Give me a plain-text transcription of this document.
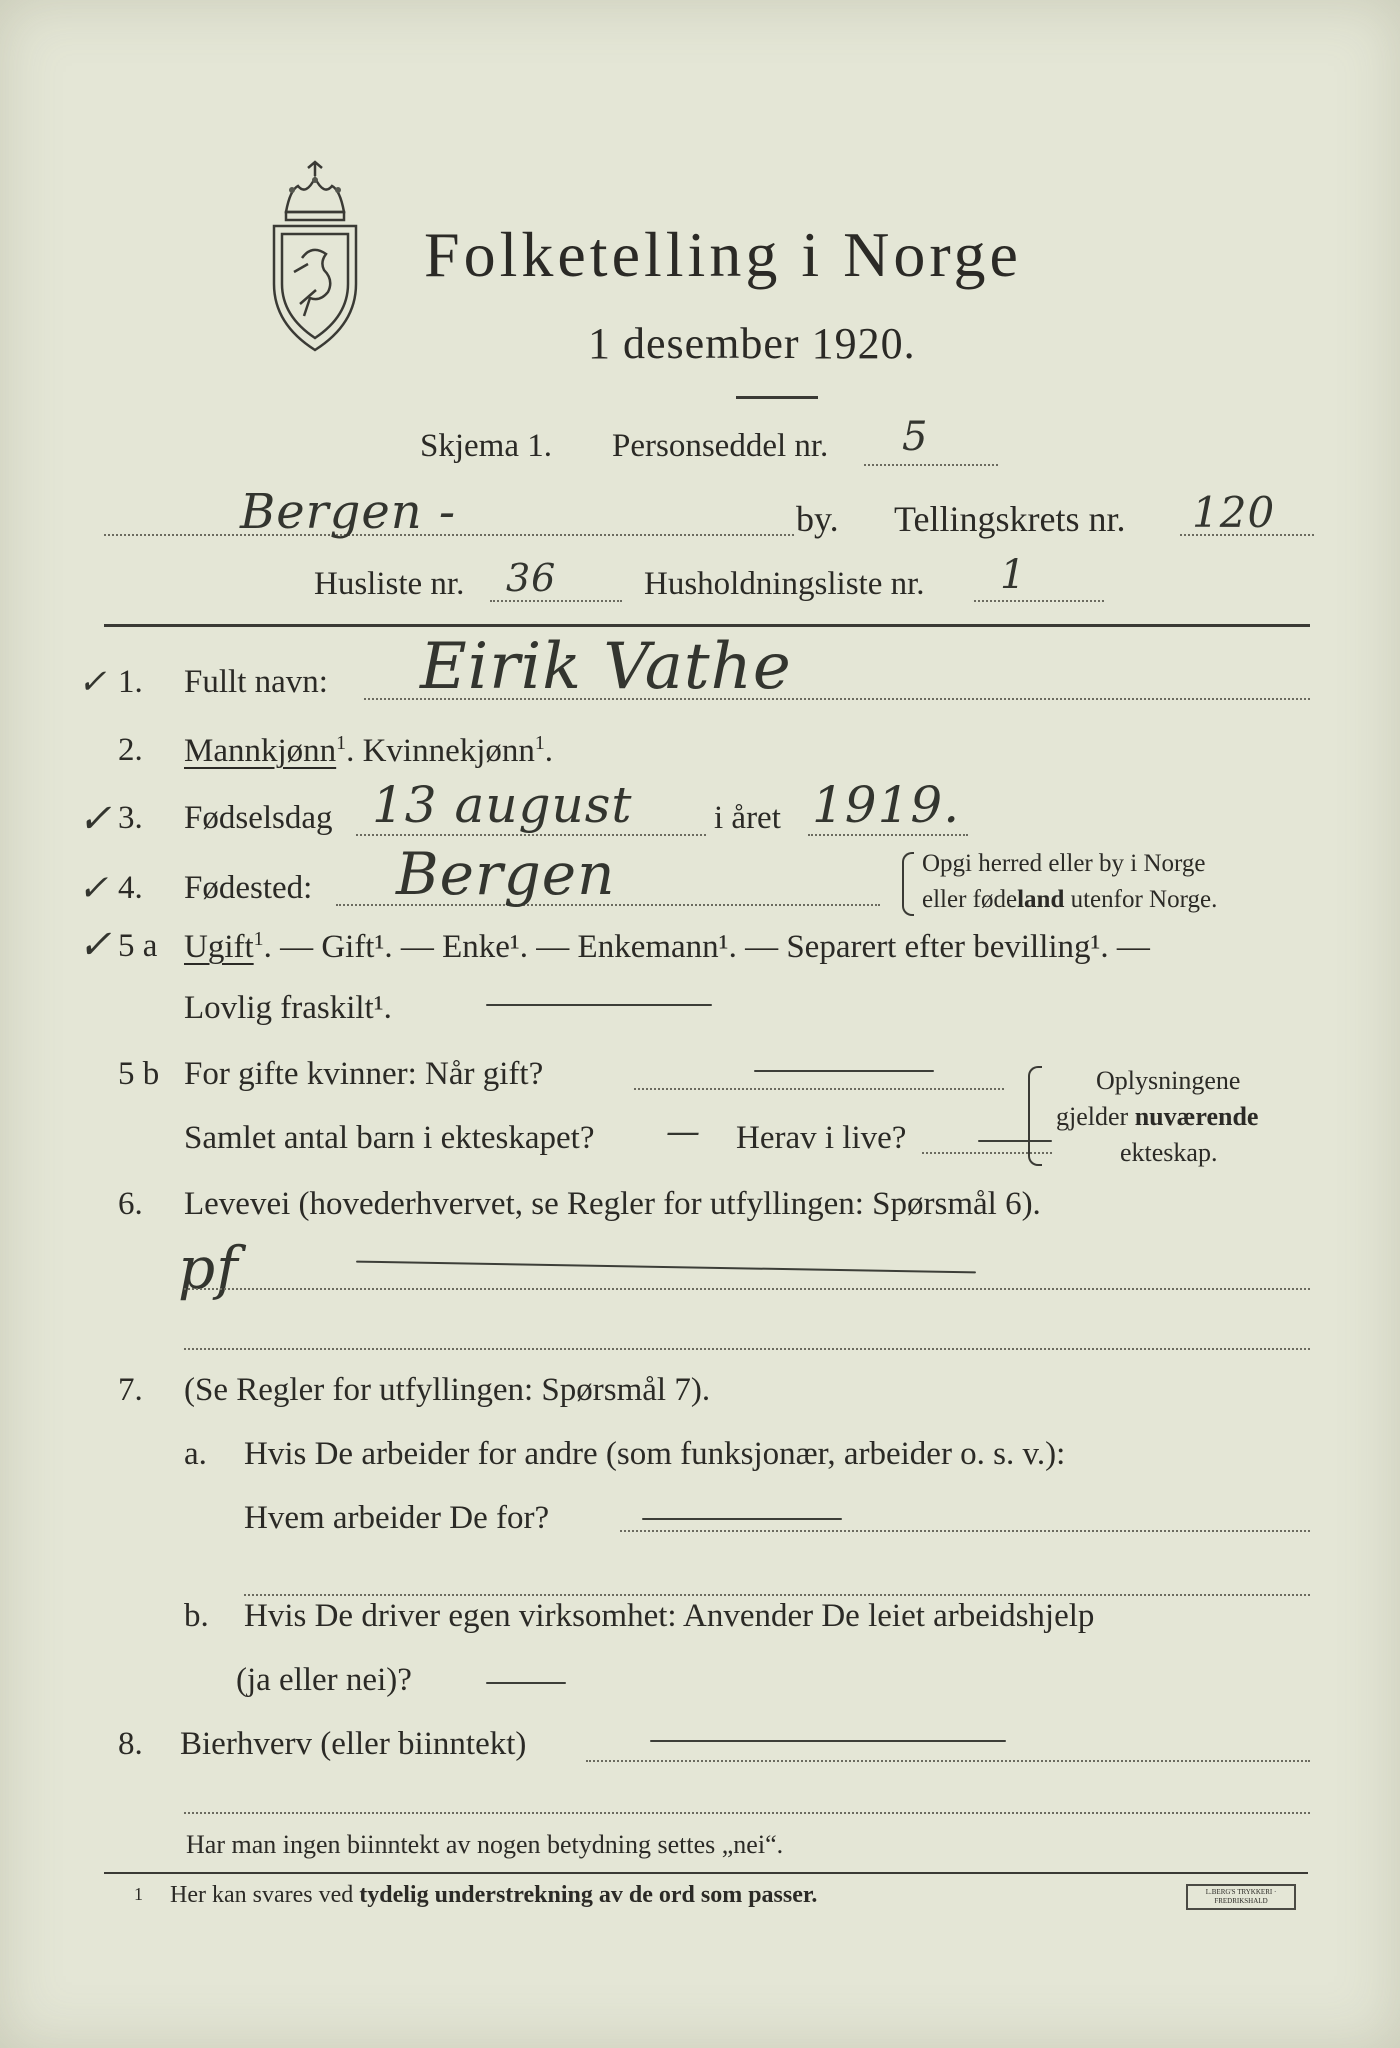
Folketelling i Norge
1 desember 1920.
Skjema 1. Personseddel nr. 5
Bergen -	by. Tellingskrets nr. 120
Husliste nr. 36	Husholdningsliste nr. 1
✓ 1. Fullt navn: Eirik Vathe
2. Mannkjønn$^1$. Kvinnekjønn$^1$.
✓ 3. Fødselsdag 13 august i året 1919.
✓ 4. Fødested: Bergen	Opgi herred eller by i Norge
eller fødeland utenfor Norge.
✓ 5 a Ugift$^1$. — Gift¹. — Enke¹. — Enkemann¹. — Separert efter bevilling¹. —
Lovlig fraskilt¹.
5 b For gifte kvinner: Når gift?
Samlet antal barn i ekteskapet? — Herav i live?
Oplysningene
gjelder nuværende
ekteskap.
6. Levevei (hovederhvervet, se Regler for utfyllingen: Spørsmål 6).
pf
7. (Se Regler for utfyllingen: Spørsmål 7).
a. Hvis De arbeider for andre (som funksjonær, arbeider o. s. v.):
Hvem arbeider De for?
b. Hvis De driver egen virksomhet: Anvender De leiet arbeidshjelp
(ja eller nei)?
8. Bierhverv (eller biinntekt)
Har man ingen biinntekt av nogen betydning settes „nei“.
1 Her kan svares ved tydelig understrekning av de ord som passer.	L.BERG'S TRYKKERI · FREDRIKSHALD
